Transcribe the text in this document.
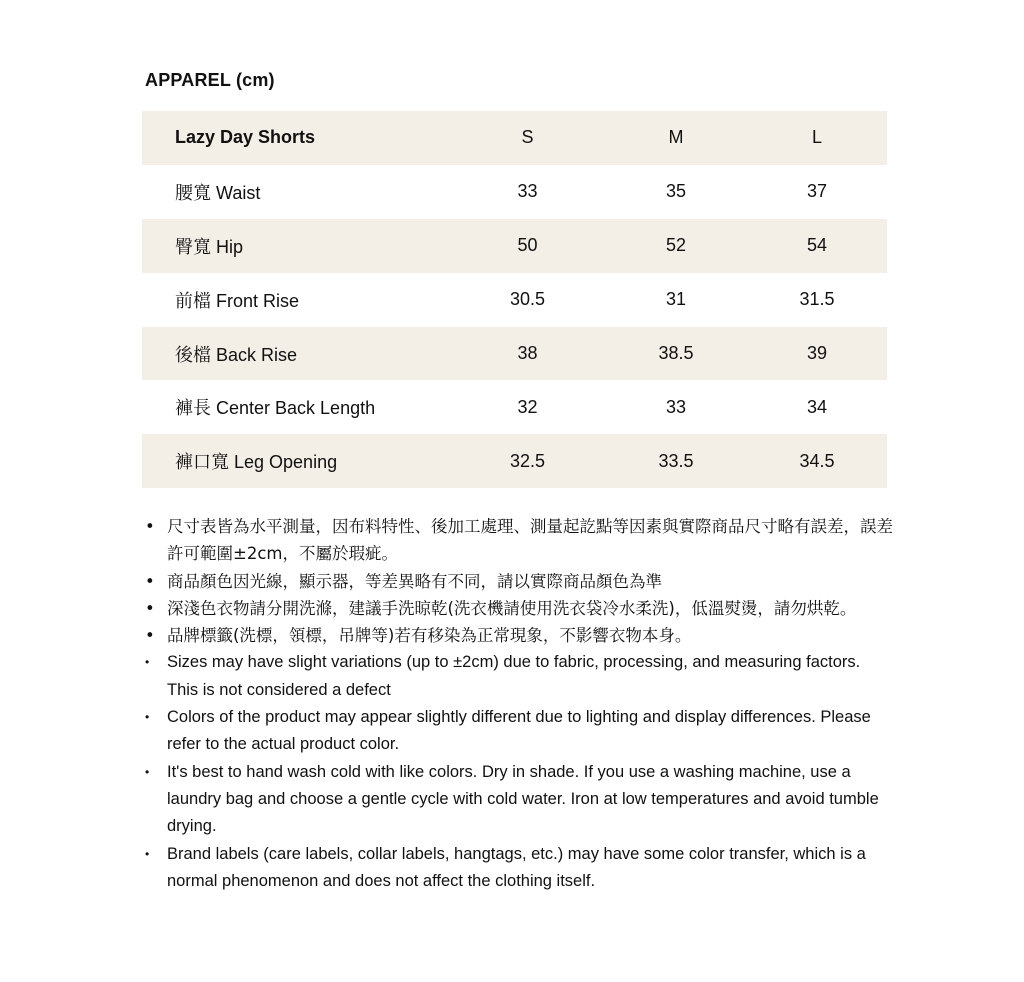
APPAREL (cm)
Lazy Day Shorts	S	M	L
腰寬 Waist	33	35	37
臀寬 Hip	50	52	54
前檔 Front Rise	30.5	31	31.5
後檔 Back Rise	38	38.5	39
褲長 Center Back Length	32	33	34
褲口寬 Leg Opening	32.5	33.5	34.5
• 尺寸表皆為水平測量，因布料特性、後加工處理、測量起訖點等因素與實際商品尺寸略有誤差，誤差許可範圍±2cm，不屬於瑕疵。
• 商品顏色因光線，顯示器，等差異略有不同，請以實際商品顏色為準
• 深淺色衣物請分開洗滌，建議手洗晾乾(洗衣機請使用洗衣袋冷水柔洗)，低溫熨燙，請勿烘乾。
• 品牌標籤(洗標，領標，吊牌等)若有移染為正常現象，不影響衣物本身。
•	Sizes may have slight variations (up to ±2cm) due to fabric, processing, and measuring factors. This is not considered a defect
•	Colors of the product may appear slightly different due to lighting and display differences. Please refer to the actual product color.
•	It's best to hand wash cold with like colors. Dry in shade. If you use a washing machine, use a laundry bag and choose a gentle cycle with cold water. Iron at low temperatures and avoid tumble drying.
•	Brand labels (care labels, collar labels, hangtags, etc.) may have some color transfer, which is a normal phenomenon and does not affect the clothing itself.
